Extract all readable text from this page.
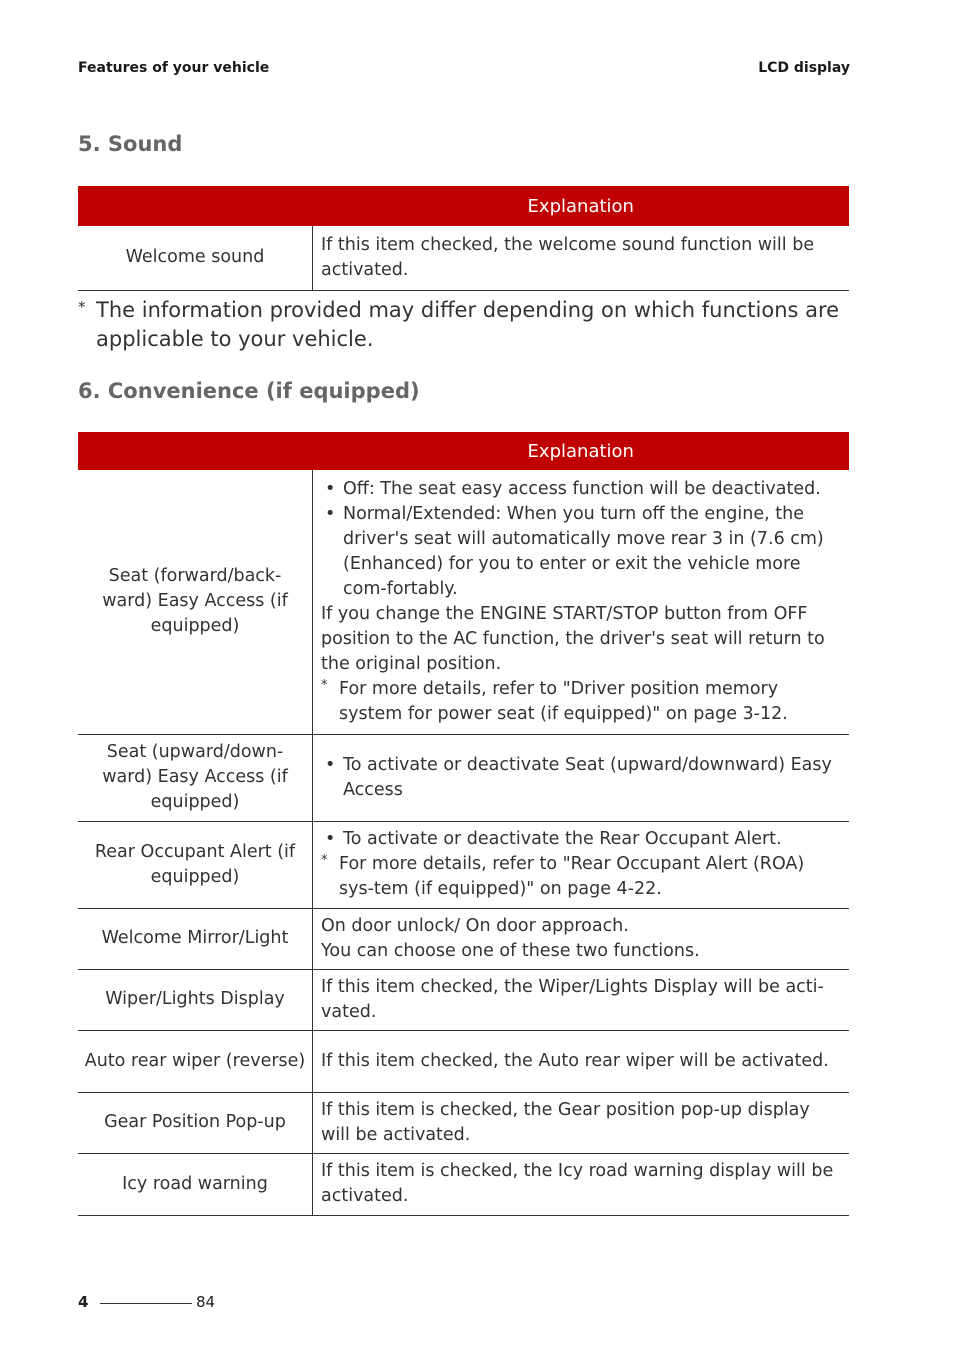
Features of your vehicle	LCD display
5. Sound
	Explanation
Welcome sound	If this item checked, the welcome sound function will be activated.
* The information provided may differ depending on which functions are applicable to your vehicle.
6. Convenience (if equipped)
	Explanation
Seat (forward/back-ward) Easy Access (if equipped)	• Off: The seat easy access function will be deactivated.
• Normal/Extended: When you turn off the engine, the driver's seat will automatically move rear 3 in (7.6 cm) (Enhanced) for you to enter or exit the vehicle more com-fortably.
If you change the ENGINE START/STOP button from OFF position to the AC function, the driver's seat will return to the original position.
* For more details, refer to "Driver position memory system for power seat (if equipped)" on page 3-12.

Seat (upward/down-ward) Easy Access (if equipped)	• To activate or deactivate Seat (upward/downward) Easy Access

Rear Occupant Alert (if equipped)	• To activate or deactivate the Rear Occupant Alert.
* For more details, refer to "Rear Occupant Alert (ROA) sys-tem (if equipped)" on page 4-22.

Welcome Mirror/Light	On door unlock/ On door approach.
You can choose one of these two functions.

Wiper/Lights Display	If this item checked, the Wiper/Lights Display will be acti-vated.
Auto rear wiper (reverse)	If this item checked, the Auto rear wiper will be activated.
Gear Position Pop-up	If this item is checked, the Gear position pop-up display will be activated.
Icy road warning	If this item is checked, the Icy road warning display will be activated.
4	84
